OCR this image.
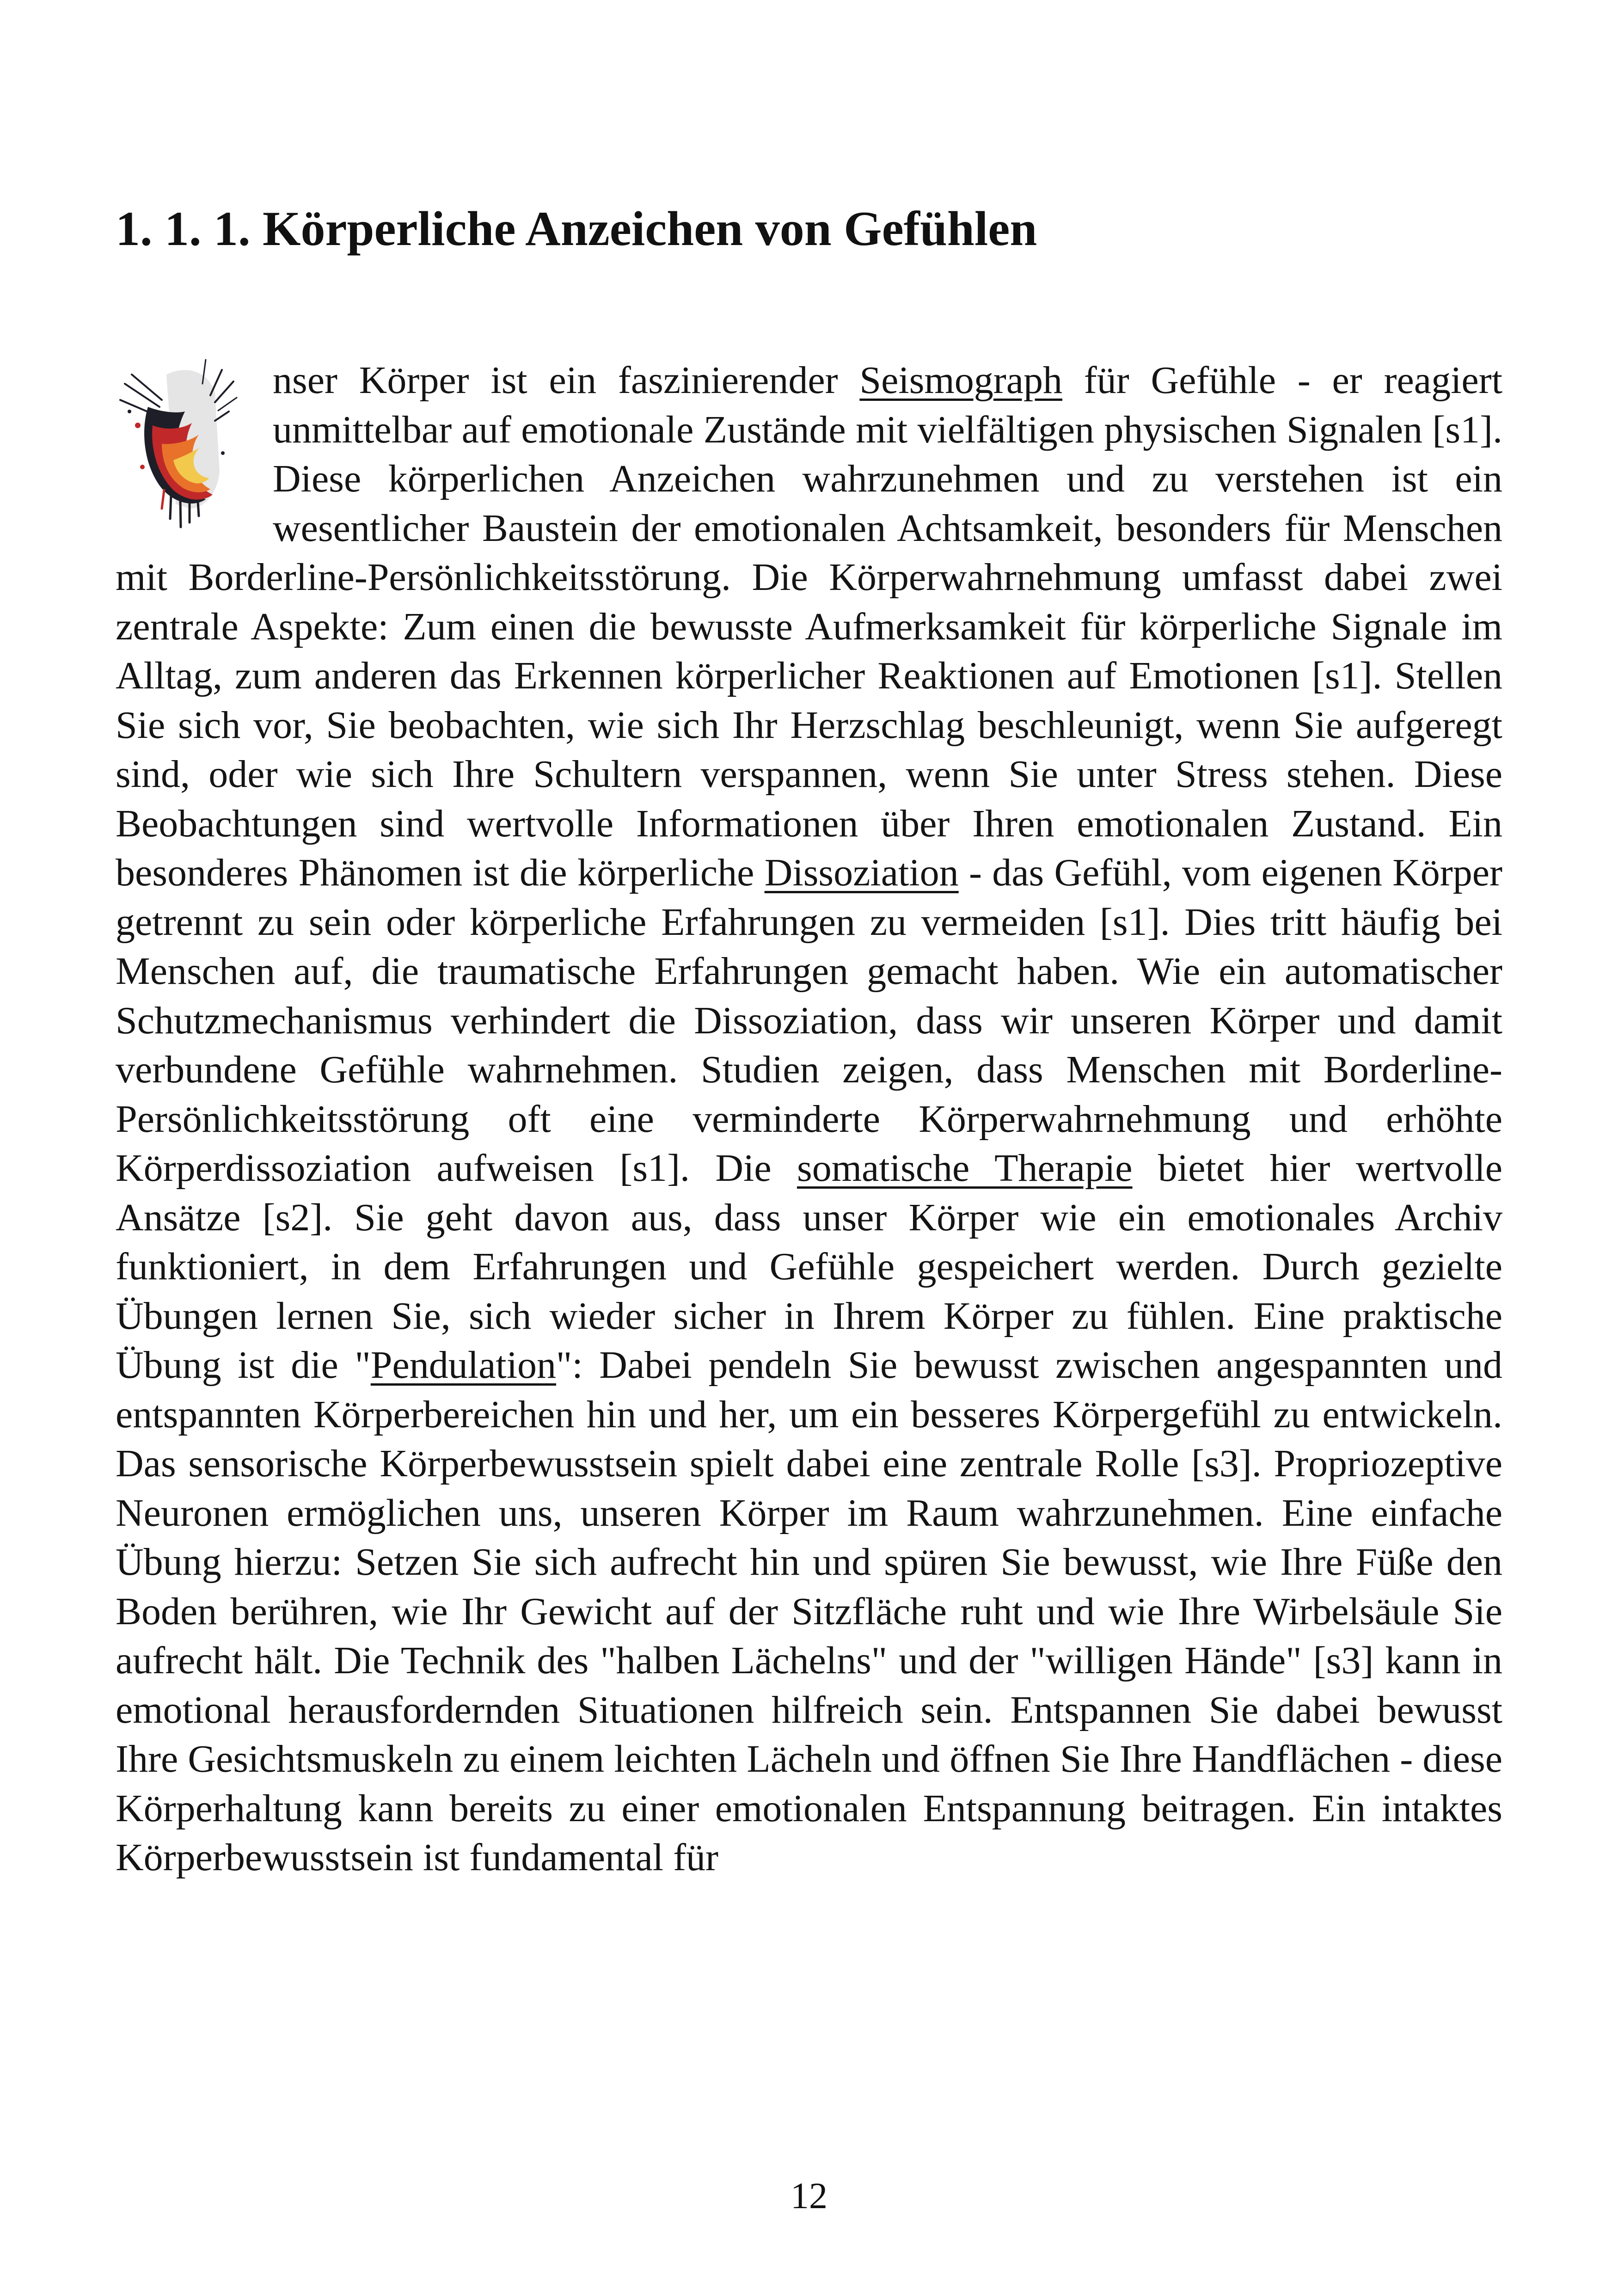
1. 1. 1. Körperliche Anzeichen von Gefühlen

nser Körper ist ein faszinierender Seismograph für Gefühle - er reagiert unmittelbar auf emotionale Zustände mit vielfältigen physischen Signalen [s1]. Diese körperlichen Anzeichen wahrzunehmen und zu verstehen ist ein wesentlicher Baustein der emotionalen Achtsamkeit, besonders für Menschen mit Borderline-Persönlichkeitsstörung. Die Körperwahrnehmung umfasst dabei zwei zentrale Aspekte: Zum einen die bewusste Aufmerksamkeit für körperliche Signale im Alltag, zum anderen das Erkennen körperlicher Reaktionen auf Emotionen [s1]. Stellen Sie sich vor, Sie beobachten, wie sich Ihr Herzschlag beschleunigt, wenn Sie aufgeregt sind, oder wie sich Ihre Schultern verspannen, wenn Sie unter Stress stehen. Diese Beobachtungen sind wertvolle Informationen über Ihren emotionalen Zustand. Ein besonderes Phänomen ist die körperliche Dissoziation - das Gefühl, vom eigenen Körper getrennt zu sein oder körperliche Erfahrungen zu vermeiden [s1]. Dies tritt häufig bei Menschen auf, die traumatische Erfahrungen gemacht haben. Wie ein automatischer Schutzmechanismus verhindert die Dissoziation, dass wir unseren Körper und damit verbundene Gefühle wahrnehmen. Studien zeigen, dass Menschen mit Borderline-Persönlichkeitsstörung oft eine verminderte Körperwahrnehmung und erhöhte Körperdissoziation aufweisen [s1]. Die somatische Therapie bietet hier wertvolle Ansätze [s2]. Sie geht davon aus, dass unser Körper wie ein emotionales Archiv funktioniert, in dem Erfahrungen und Gefühle gespeichert werden. Durch gezielte Übungen lernen Sie, sich wieder sicher in Ihrem Körper zu fühlen. Eine praktische Übung ist die "Pendulation": Dabei pendeln Sie bewusst zwischen angespannten und entspannten Körperbereichen hin und her, um ein besseres Körpergefühl zu entwickeln. Das sensorische Körperbewusstsein spielt dabei eine zentrale Rolle [s3]. Propriozeptive Neuronen ermöglichen uns, unseren Körper im Raum wahrzunehmen. Eine einfache Übung hierzu: Setzen Sie sich aufrecht hin und spüren Sie bewusst, wie Ihre Füße den Boden berühren, wie Ihr Gewicht auf der Sitzfläche ruht und wie Ihre Wirbelsäule Sie aufrecht hält. Die Technik des "halben Lächelns" und der "willigen Hände" [s3] kann in emotional herausfordernden Situationen hilfreich sein. Entspannen Sie dabei bewusst Ihre Gesichtsmuskeln zu einem leichten Lächeln und öffnen Sie Ihre Handflächen - diese Körperhaltung kann bereits zu einer emotionalen Entspannung beitragen. Ein intaktes Körperbewusstsein ist fundamental für

12
